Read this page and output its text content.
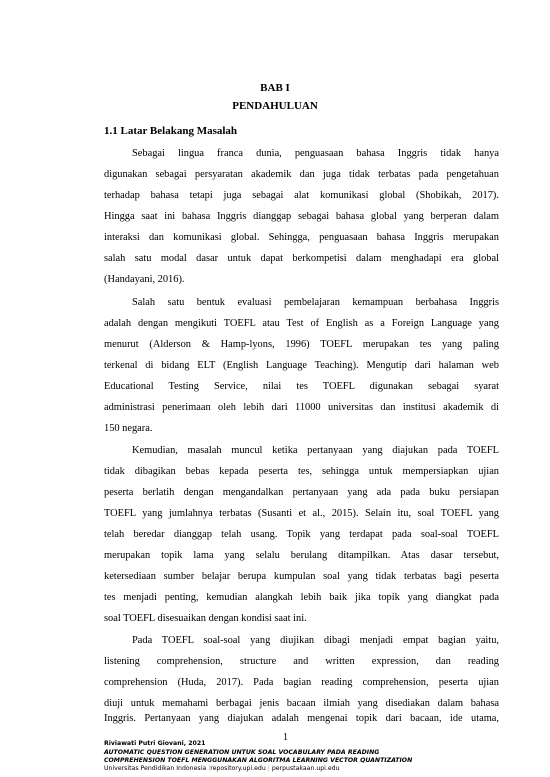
BAB I
PENDAHULUAN
1.1 Latar Belakang Masalah
Sebagai lingua franca dunia, penguasaan bahasa Inggris tidak hanya
digunakan sebagai persyaratan akademik dan juga tidak terbatas pada pengetahuan
terhadap bahasa tetapi juga sebagai alat komunikasi global (Shobikah, 2017).
Hingga saat ini bahasa Inggris dianggap sebagai bahasa global yang berperan dalam
interaksi dan komunikasi global. Sehingga, penguasaan bahasa Inggris merupakan
salah satu modal dasar untuk dapat berkompetisi dalam menghadapi era global
(Handayani, 2016).
Salah satu bentuk evaluasi pembelajaran kemampuan berbahasa Inggris
adalah dengan mengikuti TOEFL atau Test of English as a Foreign Language yang
menurut (Alderson & Hamp-lyons, 1996) TOEFL merupakan tes yang paling
terkenal di bidang ELT (English Language Teaching). Mengutip dari halaman web
Educational Testing Service, nilai tes TOEFL digunakan sebagai syarat
administrasi penerimaan oleh lebih dari 11000 universitas dan institusi akademik di
150 negara.
Kemudian, masalah muncul ketika pertanyaan yang diajukan pada TOEFL
tidak dibagikan bebas kepada peserta tes, sehingga untuk mempersiapkan ujian
peserta berlatih dengan mengandalkan pertanyaan yang ada pada buku persiapan
TOEFL yang jumlahnya terbatas (Susanti et al., 2015). Selain itu, soal TOEFL yang
telah beredar dianggap telah usang. Topik yang terdapat pada soal-soal TOEFL
merupakan topik lama yang selalu berulang ditampilkan. Atas dasar tersebut,
ketersediaan sumber belajar berupa kumpulan soal yang tidak terbatas bagi peserta
tes menjadi penting, kemudian alangkah lebih baik jika topik yang diangkat pada
soal TOEFL disesuaikan dengan kondisi saat ini.
Pada TOEFL soal-soal yang diujikan dibagi menjadi empat bagian yaitu,
listening comprehension, structure and written expression, dan reading
comprehension (Huda, 2017). Pada bagian reading comprehension, peserta ujian
diuji untuk memahami berbagai jenis bacaan ilmiah yang disediakan dalam bahasa
Inggris. Pertanyaan yang diajukan adalah mengenai topik dari bacaan, ide utama,
1
Riviawati Putri Giovani, 2021
AUTOMATIC QUESTION GENERATION UNTUK SOAL VOCABULARY PADA READING
COMPREHENSION TOEFL MENGGUNAKAN ALGORITMA LEARNING VECTOR QUANTIZATION
Universitas Pendidikan Indonesia |repository.upi.edu | perpustakaan.upi.edu
